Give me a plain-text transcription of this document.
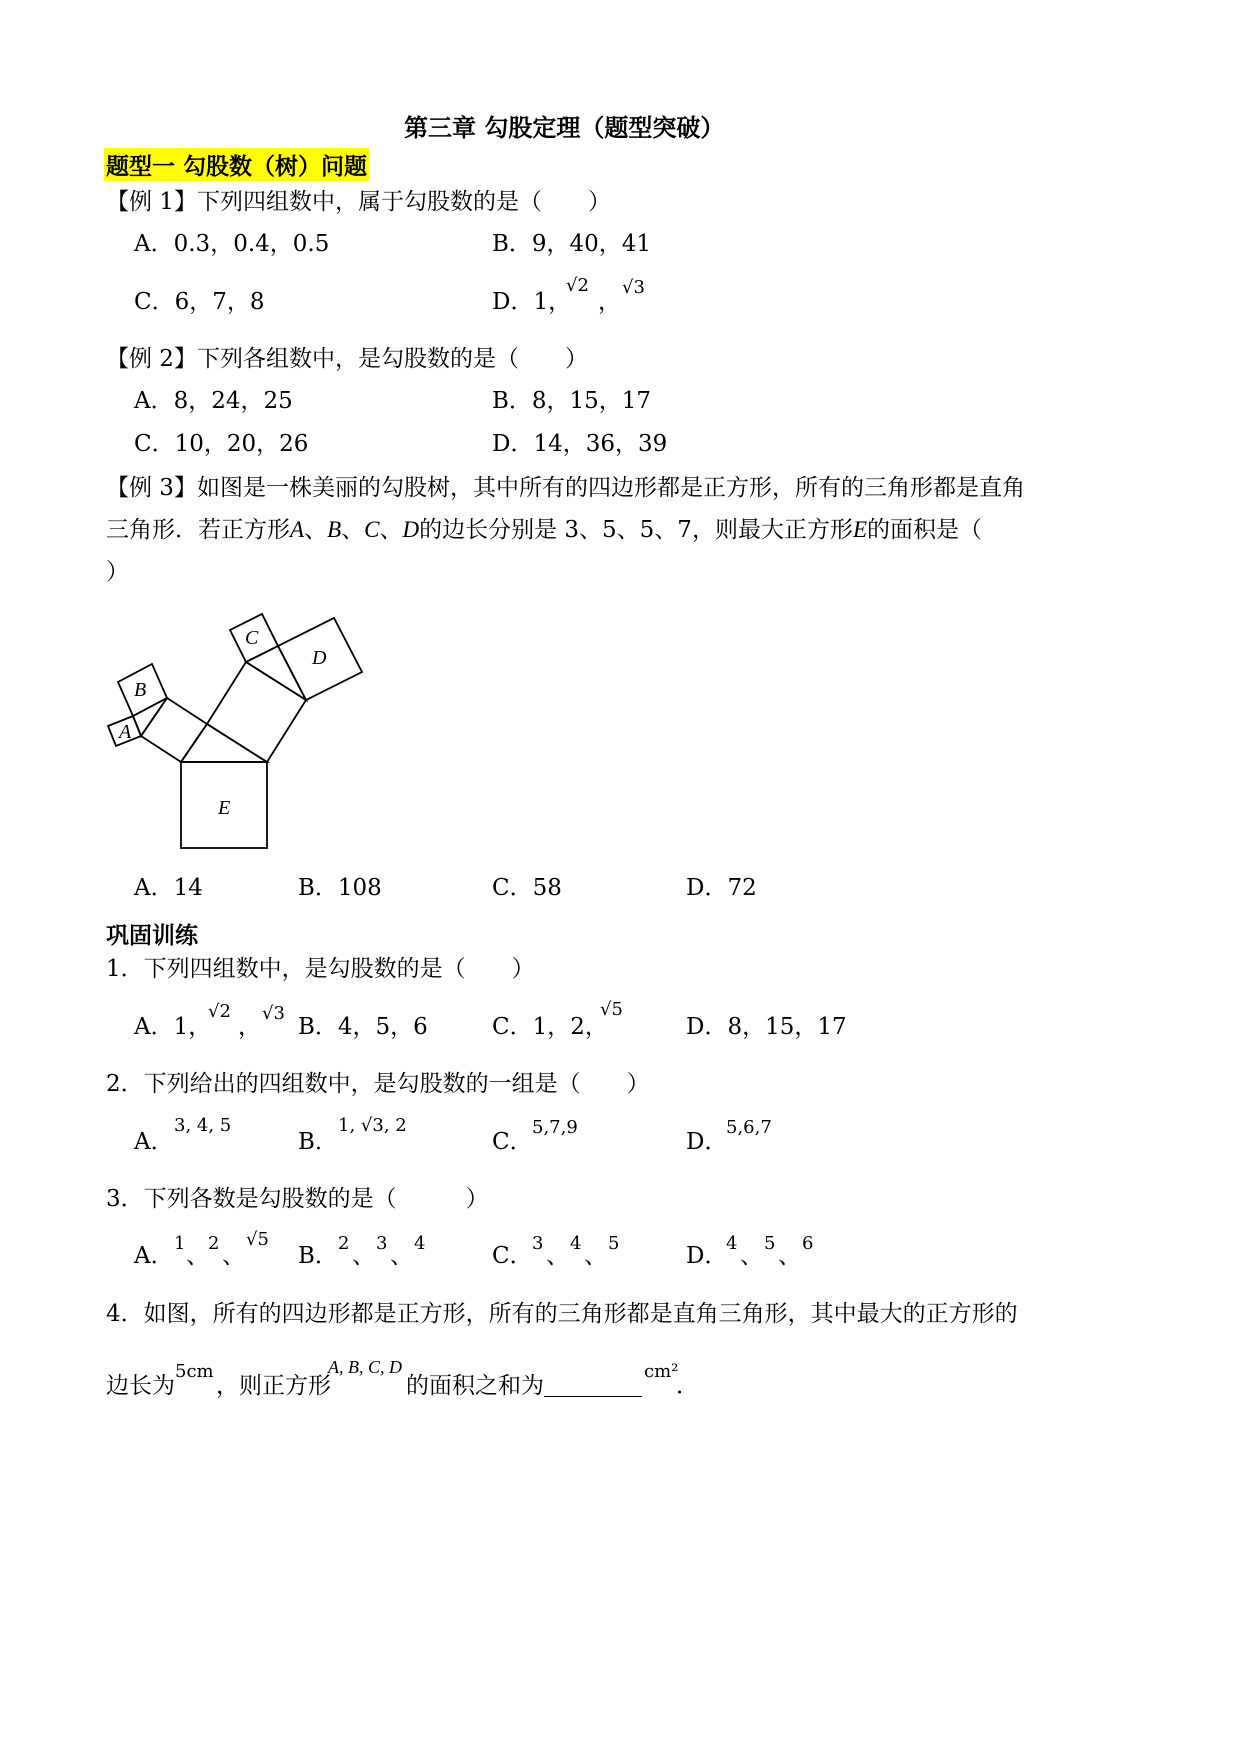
第三章 勾股定理（题型突破）
题型一 勾股数（树）问题
【例 1】下列四组数中，属于勾股数的是（　　）
A．0.3，0.4，0.5	B．9，40，41
C．6，7，8	D．1，
√2
，
√3
【例 2】下列各组数中，是勾股数的是（　　）
A．8，24，25	B．8，15，17
C．10，20，26	D．14，36，39
【例 3】如图是一株美丽的勾股树，其中所有的四边形都是正方形，所有的三角形都是直角
三角形．若正方形A、B、C、D的边长分别是 3、5、5、7，则最大正方形E的面积是（
）
A
B
C
D
E
A．14	B．108	C．58	D．72
巩固训练
1．下列四组数中，是勾股数的是（　　）
A．1，
√2
，
√3
B．4，5，6	C．1，2，
√5
D．8，15，17
2．下列给出的四组数中，是勾股数的一组是（　　）
A．
3, 4, 5
B．
1, √3, 2
C．
5,7,9
D．
5,6,7
3．下列各数是勾股数的是（　　　）
A． 1 、 2 、
√5
B． 2 、 3 、 4	C． 3 、 4 、 5	D．
4 、 5 、 6
4．如图，所有的四边形都是正方形，所有的三角形都是直角三角形，其中最大的正方形的
边长为
5cm
，则正方形
A, B, C, D
的面积之和为
cm²
．
